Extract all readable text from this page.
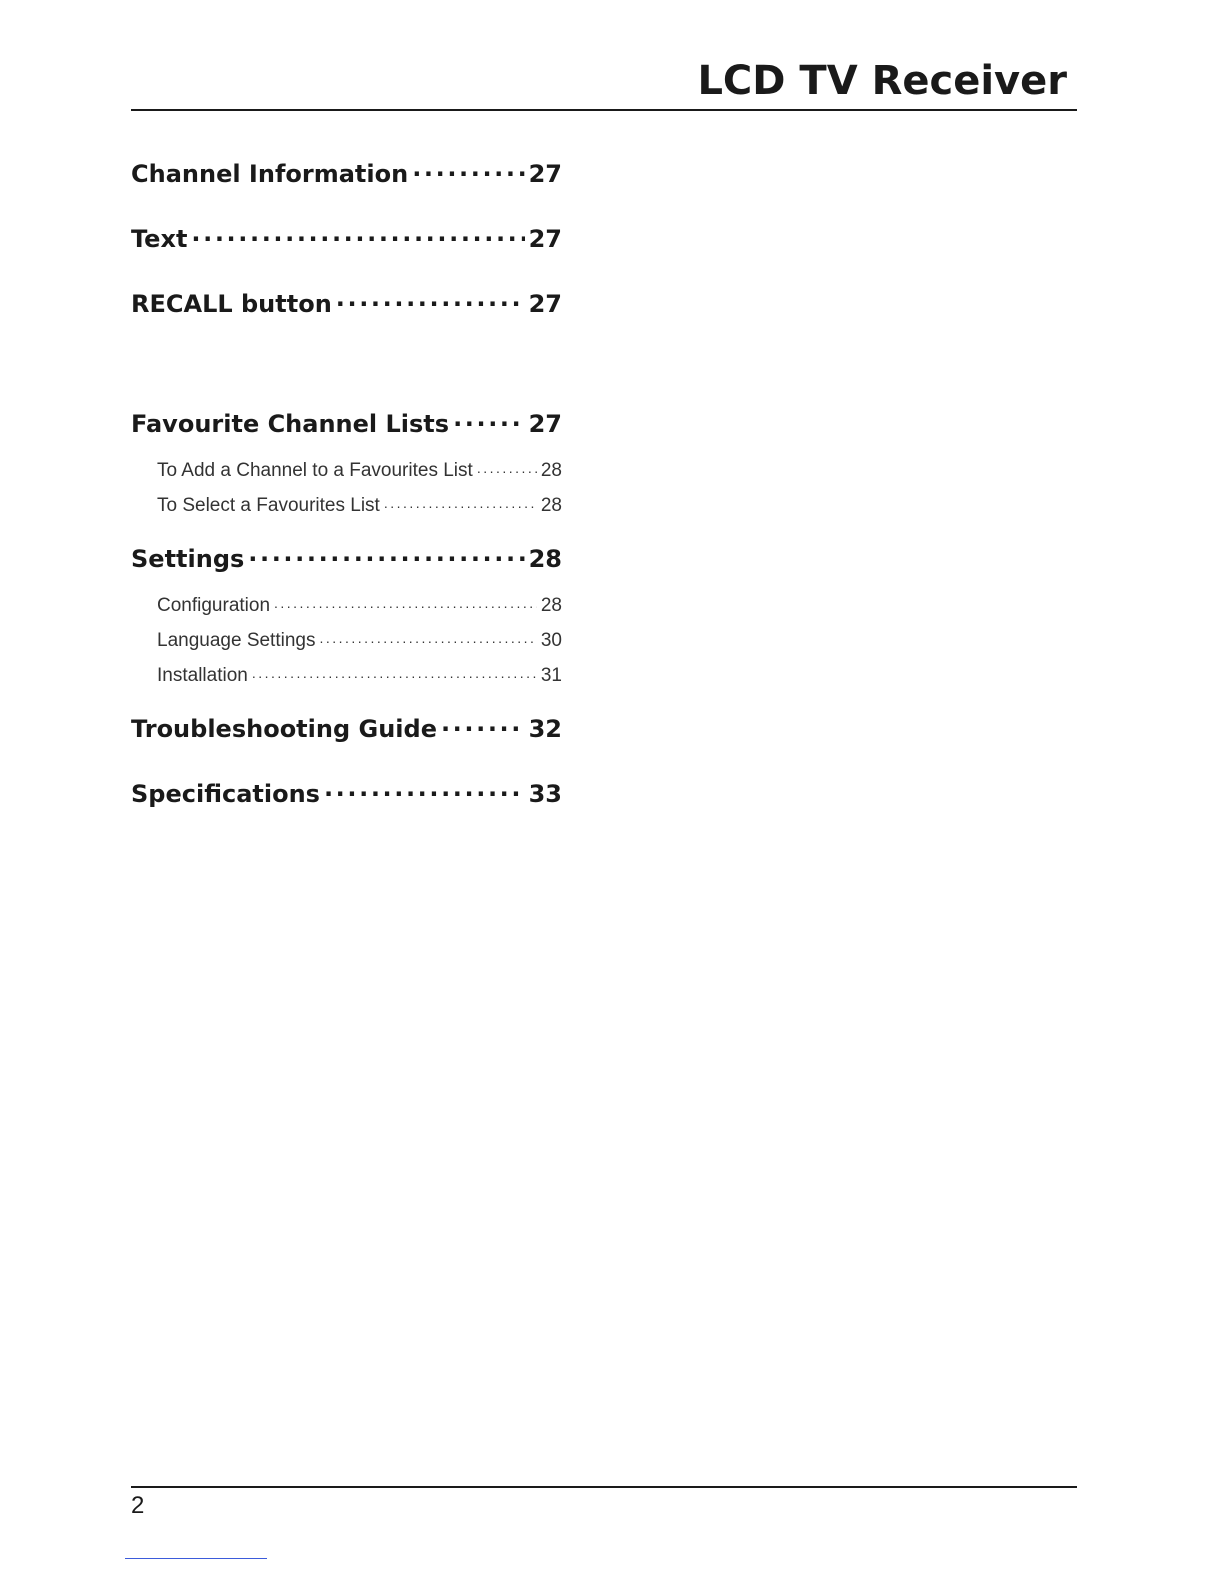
LCD TV Receiver
Channel Information . . .	27
Text . . .	27
RECALL button . . .	27
Favourite Channel Lists . . .	27
To Add a Channel to a Favourites List . . .	28
To Select a Favourites List . . .	28
Settings . . .	28
Configuration . . .	28
Language Settings . . .	30
Installation . . .	31
Troubleshooting Guide . . .	32
Specifications . . .	33
2
